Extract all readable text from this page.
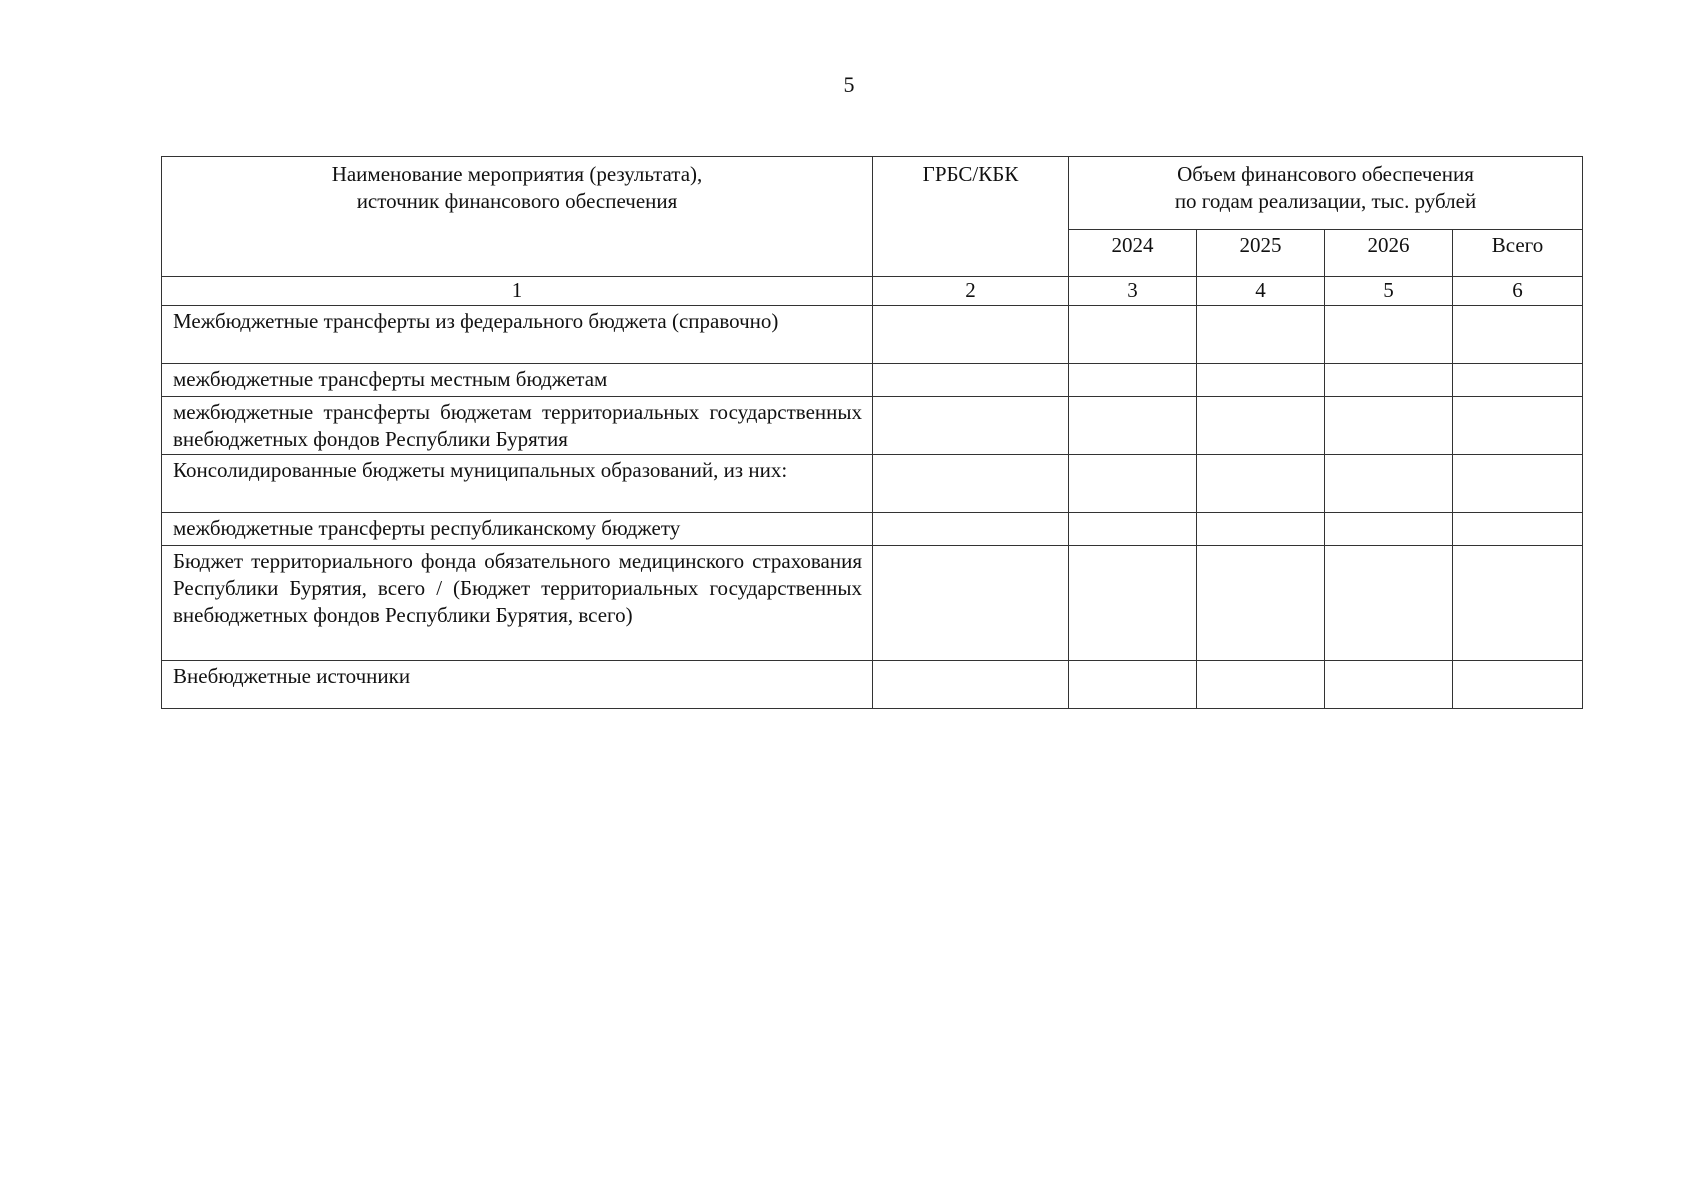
5
Наименование мероприятия (результата),
источник финансового обеспечения	ГРБС/КБК	Объем финансового обеспечения
по годам реализации, тыс. рублей			

		2024	2025	2026	Всего
1	2	3	4	5	6
Межбюджетные трансферты из федерального бюджета (справочно)					
межбюджетные трансферты местным бюджетам					
межбюджетные трансферты бюджетам территориальных государственных внебюджетных фондов Республики Бурятия					
Консолидированные бюджеты муниципальных образований, из них:					
межбюджетные трансферты республиканскому бюджету					
Бюджет территориального фонда обязательного медицинского страхования Республики Бурятия, всего / (Бюджет территориальных государственных внебюджетных фондов Республики Бурятия, всего)					
Внебюджетные источники					
